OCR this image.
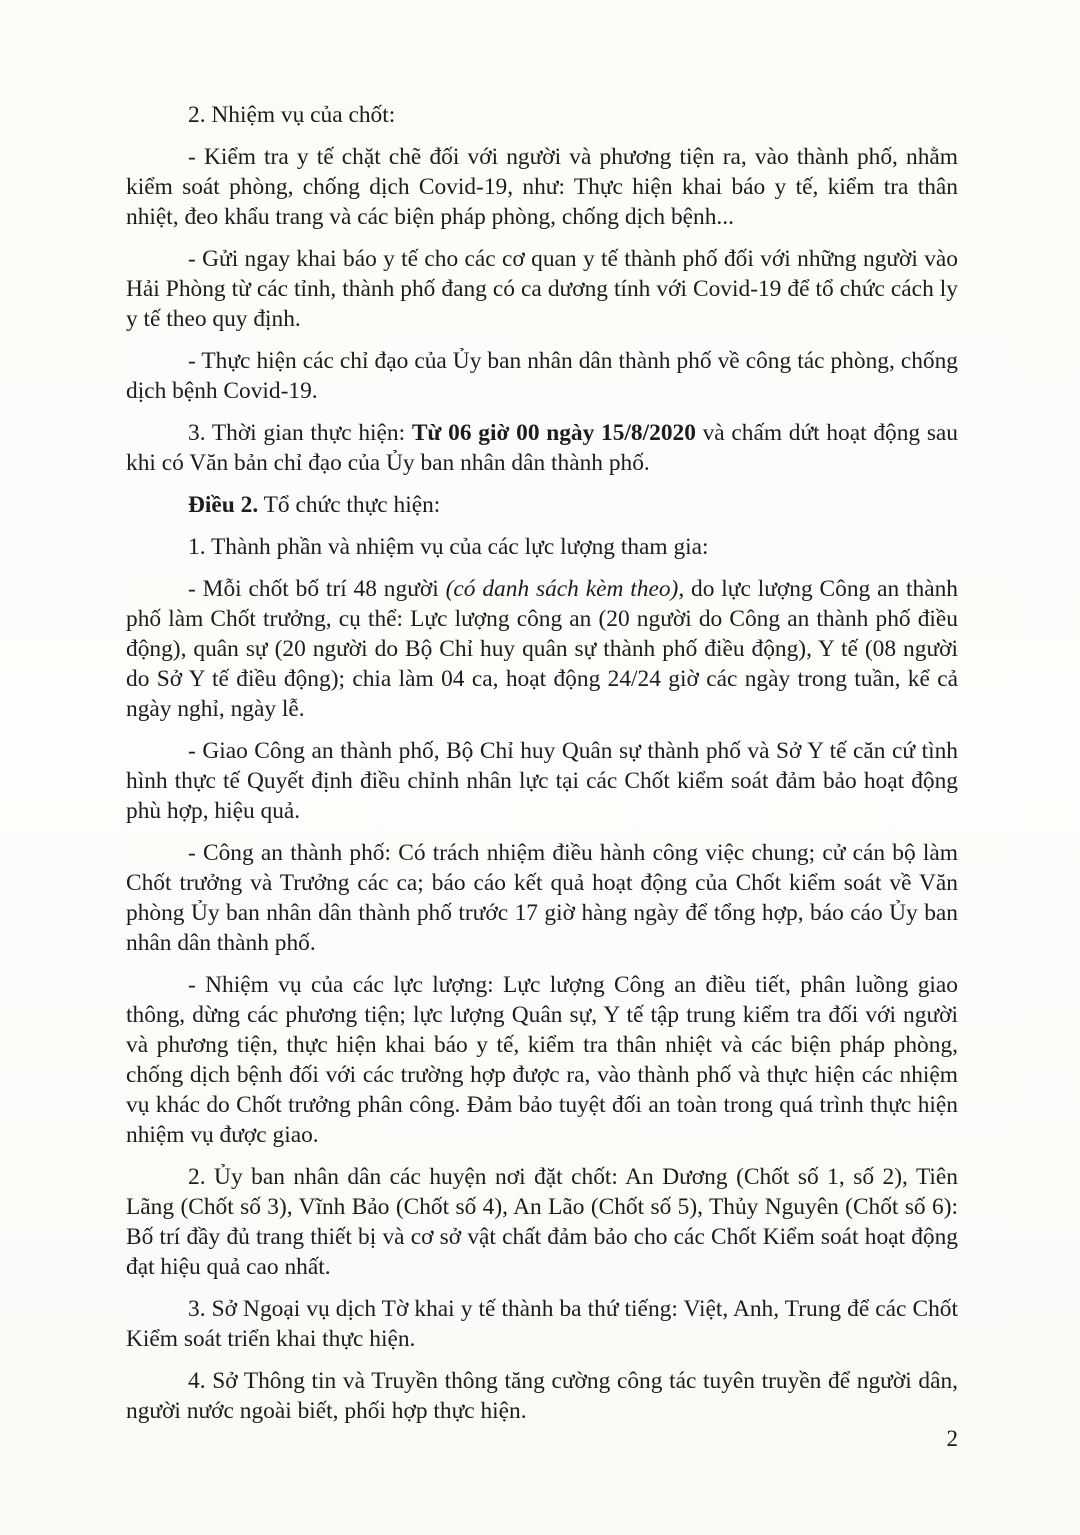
2. Nhiệm vụ của chốt:

- Kiểm tra y tế chặt chẽ đối với người và phương tiện ra, vào thành phố, nhằm kiểm soát phòng, chống dịch Covid-19, như: Thực hiện khai báo y tế, kiểm tra thân nhiệt, đeo khẩu trang và các biện pháp phòng, chống dịch bệnh...

- Gửi ngay khai báo y tế cho các cơ quan y tế thành phố đối với những người vào Hải Phòng từ các tỉnh, thành phố đang có ca dương tính với Covid-19 để tổ chức cách ly y tế theo quy định.

- Thực hiện các chỉ đạo của Ủy ban nhân dân thành phố về công tác phòng, chống dịch bệnh Covid-19.

3. Thời gian thực hiện: Từ 06 giờ 00 ngày 15/8/2020 và chấm dứt hoạt động sau khi có Văn bản chỉ đạo của Ủy ban nhân dân thành phố.

Điều 2. Tổ chức thực hiện:

1. Thành phần và nhiệm vụ của các lực lượng tham gia:

- Mỗi chốt bố trí 48 người (có danh sách kèm theo), do lực lượng Công an thành phố làm Chốt trưởng, cụ thể: Lực lượng công an (20 người do Công an thành phố điều động), quân sự (20 người do Bộ Chỉ huy quân sự thành phố điều động), Y tế (08 người do Sở Y tế điều động); chia làm 04 ca, hoạt động 24/24 giờ các ngày trong tuần, kể cả ngày nghỉ, ngày lễ.

- Giao Công an thành phố, Bộ Chỉ huy Quân sự thành phố và Sở Y tế căn cứ tình hình thực tế Quyết định điều chỉnh nhân lực tại các Chốt kiểm soát đảm bảo hoạt động phù hợp, hiệu quả.

- Công an thành phố: Có trách nhiệm điều hành công việc chung; cử cán bộ làm Chốt trưởng và Trưởng các ca; báo cáo kết quả hoạt động của Chốt kiểm soát về Văn phòng Ủy ban nhân dân thành phố trước 17 giờ hàng ngày để tổng hợp, báo cáo Ủy ban nhân dân thành phố.

- Nhiệm vụ của các lực lượng: Lực lượng Công an điều tiết, phân luồng giao thông, dừng các phương tiện; lực lượng Quân sự, Y tế tập trung kiểm tra đối với người và phương tiện, thực hiện khai báo y tế, kiểm tra thân nhiệt và các biện pháp phòng, chống dịch bệnh đối với các trường hợp được ra, vào thành phố và thực hiện các nhiệm vụ khác do Chốt trưởng phân công. Đảm bảo tuyệt đối an toàn trong quá trình thực hiện nhiệm vụ được giao.

2. Ủy ban nhân dân các huyện nơi đặt chốt: An Dương (Chốt số 1, số 2), Tiên Lãng (Chốt số 3), Vĩnh Bảo (Chốt số 4), An Lão (Chốt số 5), Thủy Nguyên (Chốt số 6): Bố trí đầy đủ trang thiết bị và cơ sở vật chất đảm bảo cho các Chốt Kiểm soát hoạt động đạt hiệu quả cao nhất.

3. Sở Ngoại vụ dịch Tờ khai y tế thành ba thứ tiếng: Việt, Anh, Trung để các Chốt Kiểm soát triển khai thực hiện.

4. Sở Thông tin và Truyền thông tăng cường công tác tuyên truyền để người dân, người nước ngoài biết, phối hợp thực hiện.

2
